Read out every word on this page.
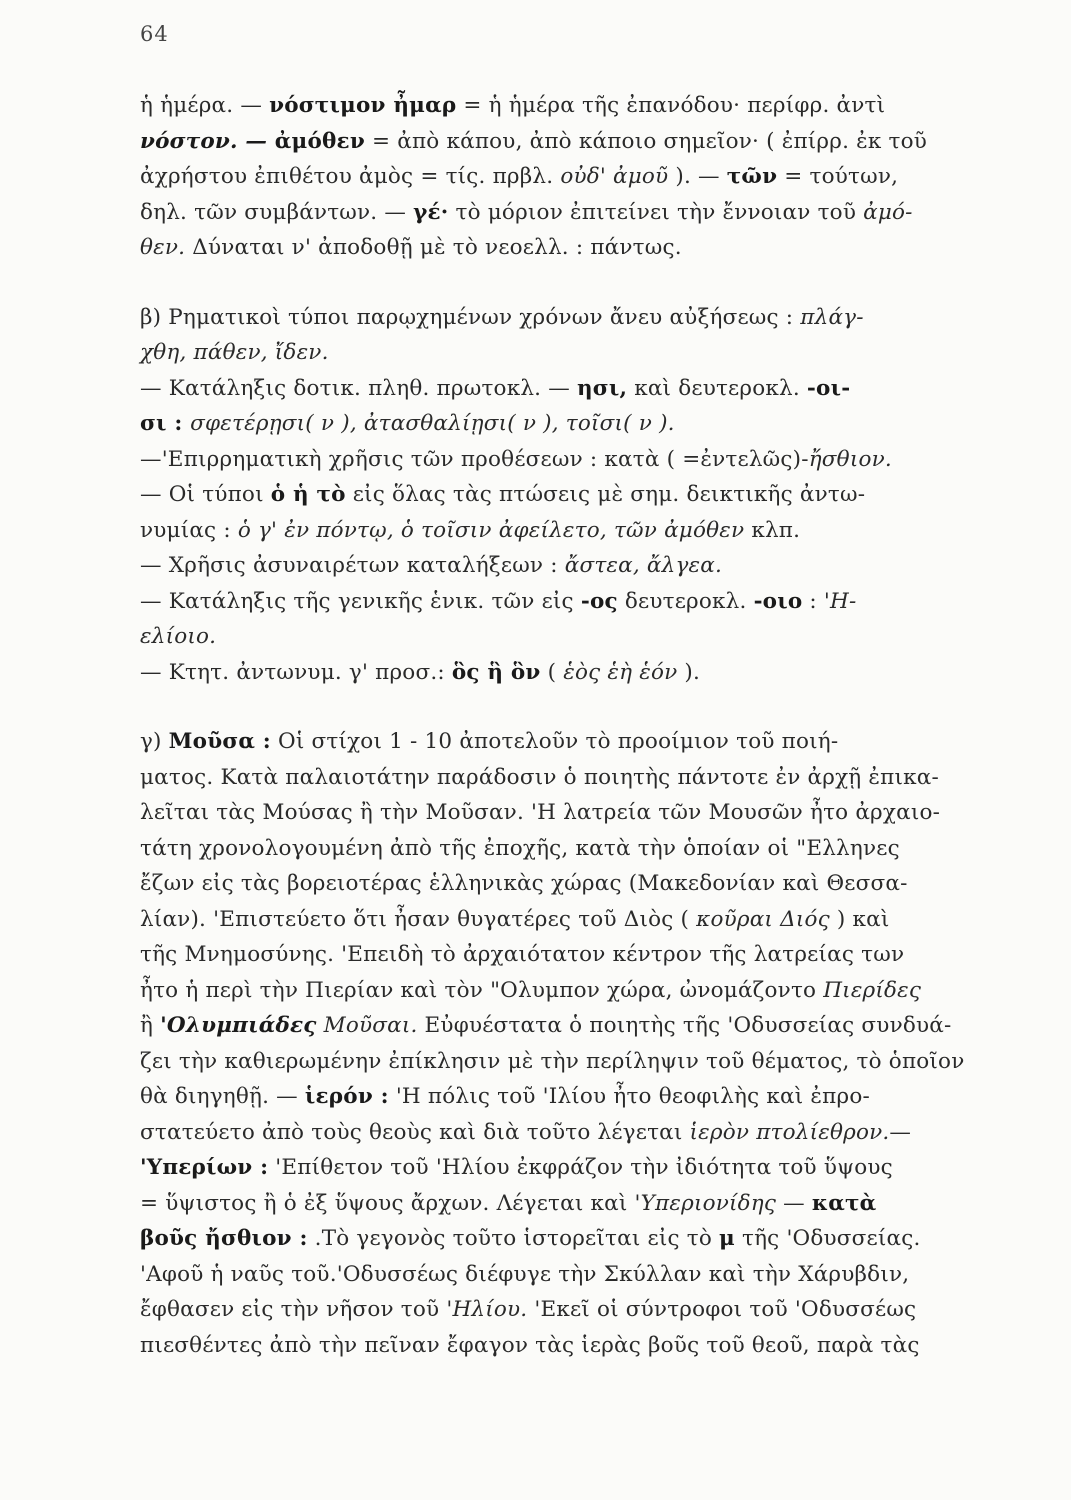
64
ἡ ἡμέρα. — νόστιμον ἦμαρ = ἡ ἡμέρα τῆς ἐπανόδου· περίφρ. ἀντὶ
νόστον. — ἀμόθεν = ἀπὸ κάπου, ἀπὸ κάποιο σημεῖον· ( ἐπίρρ. ἐκ τοῦ
ἀχρήστου ἐπιθέτου ἀμὸς = τίς. πρβλ. οὐδ' ἀμοῦ ). — τῶν = τούτων,
δηλ. τῶν συμβάντων. — γέ· τὸ μόριον ἐπιτείνει τὴν ἔννοιαν τοῦ ἀμό-
θεν. Δύναται ν' ἀποδοθῇ μὲ τὸ νεοελλ. : πάντως.
β) Ρηματικοὶ τύποι παρῳχημένων χρόνων ἄνευ αὐξήσεως : πλάγ-
χθη, πάθεν, ἴδεν.
— Κατάληξις δοτικ. πληθ. πρωτοκλ. — ησι, καὶ δευτεροκλ. -οι-
σι : σφετέρῃσι( ν ), ἀτασθαλίῃσι( ν ), τοῖσι( ν ).
—'Επιρρηματικὴ χρῆσις τῶν προθέσεων : κατὰ ( =ἐντελῶς)-ἤσθιον.
— Οἱ τύποι ὁ ἡ τὸ εἰς ὅλας τὰς πτώσεις μὲ σημ. δεικτικῆς ἀντω-
νυμίας : ὁ γ' ἐν πόντῳ, ὁ τοῖσιν ἀφείλετο, τῶν ἀμόθεν κλπ.
— Χρῆσις ἀσυναιρέτων καταλήξεων : ἄστεα, ἄλγεα.
— Κατάληξις τῆς γενικῆς ἑνικ. τῶν εἰς -ος δευτεροκλ. -οιο : 'Η-
ελίοιο.
— Κτητ. ἀντωνυμ. γ' προσ.: ὃς ἣ ὃν ( ἑὸς ἑὴ ἑόν ).
γ) Μοῦσα : Οἱ στίχοι 1 - 10 ἀποτελοῦν τὸ προοίμιον τοῦ ποιή-
ματος. Κατὰ παλαιοτάτην παράδοσιν ὁ ποιητὴς πάντοτε ἐν ἀρχῇ ἐπικα-
λεῖται τὰς Μούσας ἢ τὴν Μοῦσαν. 'Η λατρεία τῶν Μουσῶν ἦτο ἀρχαιο-
τάτη χρονολογουμένη ἀπὸ τῆς ἐποχῆς, κατὰ τὴν ὁποίαν οἱ "Ελληνες
ἔζων εἰς τὰς βορειοτέρας ἑλληνικὰς χώρας (Μακεδονίαν καὶ Θεσσα-
λίαν). 'Επιστεύετο ὅτι ἦσαν θυγατέρες τοῦ Διὸς ( κοῦραι Διός ) καὶ
τῆς Μνημοσύνης. 'Επειδὴ τὸ ἀρχαιότατον κέντρον τῆς λατρείας των
ἦτο ἡ περὶ τὴν Πιερίαν καὶ τὸν "Ολυμπον χώρα, ὠνομάζοντο Πιερίδες
ἢ 'Ολυμπιάδες Μοῦσαι. Εὐφυέστατα ὁ ποιητὴς τῆς 'Οδυσσείας συνδυά-
ζει τὴν καθιερωμένην ἐπίκλησιν μὲ τὴν περίληψιν τοῦ θέματος, τὸ ὁποῖον
θὰ διηγηθῇ. — ἱερόν : 'Η πόλις τοῦ 'Ιλίου ἦτο θεοφιλὴς καὶ ἐπρο-
στατεύετο ἀπὸ τοὺς θεοὺς καὶ διὰ τοῦτο λέγεται ἱερὸν πτολίεθρον.—
'Υπερίων : 'Επίθετον τοῦ 'Ηλίου ἐκφράζον τὴν ἰδιότητα τοῦ ὕψους
= ὕψιστος ἢ ὁ ἐξ ὕψους ἄρχων. Λέγεται καὶ 'Υπεριονίδης — κατὰ
βοῦς ἤσθιον : .Τὸ γεγονὸς τοῦτο ἱστορεῖται εἰς τὸ μ τῆς 'Οδυσσείας.
'Αφοῦ ἡ ναῦς τοῦ.'Οδυσσέως διέφυγε τὴν Σκύλλαν καὶ τὴν Χάρυβδιν,
ἔφθασεν εἰς τὴν νῆσον τοῦ 'Ηλίου. 'Εκεῖ οἱ σύντροφοι τοῦ 'Οδυσσέως
πιεσθέντες ἀπὸ τὴν πεῖναν ἔφαγον τὰς ἱερὰς βοῦς τοῦ θεοῦ, παρὰ τὰς
